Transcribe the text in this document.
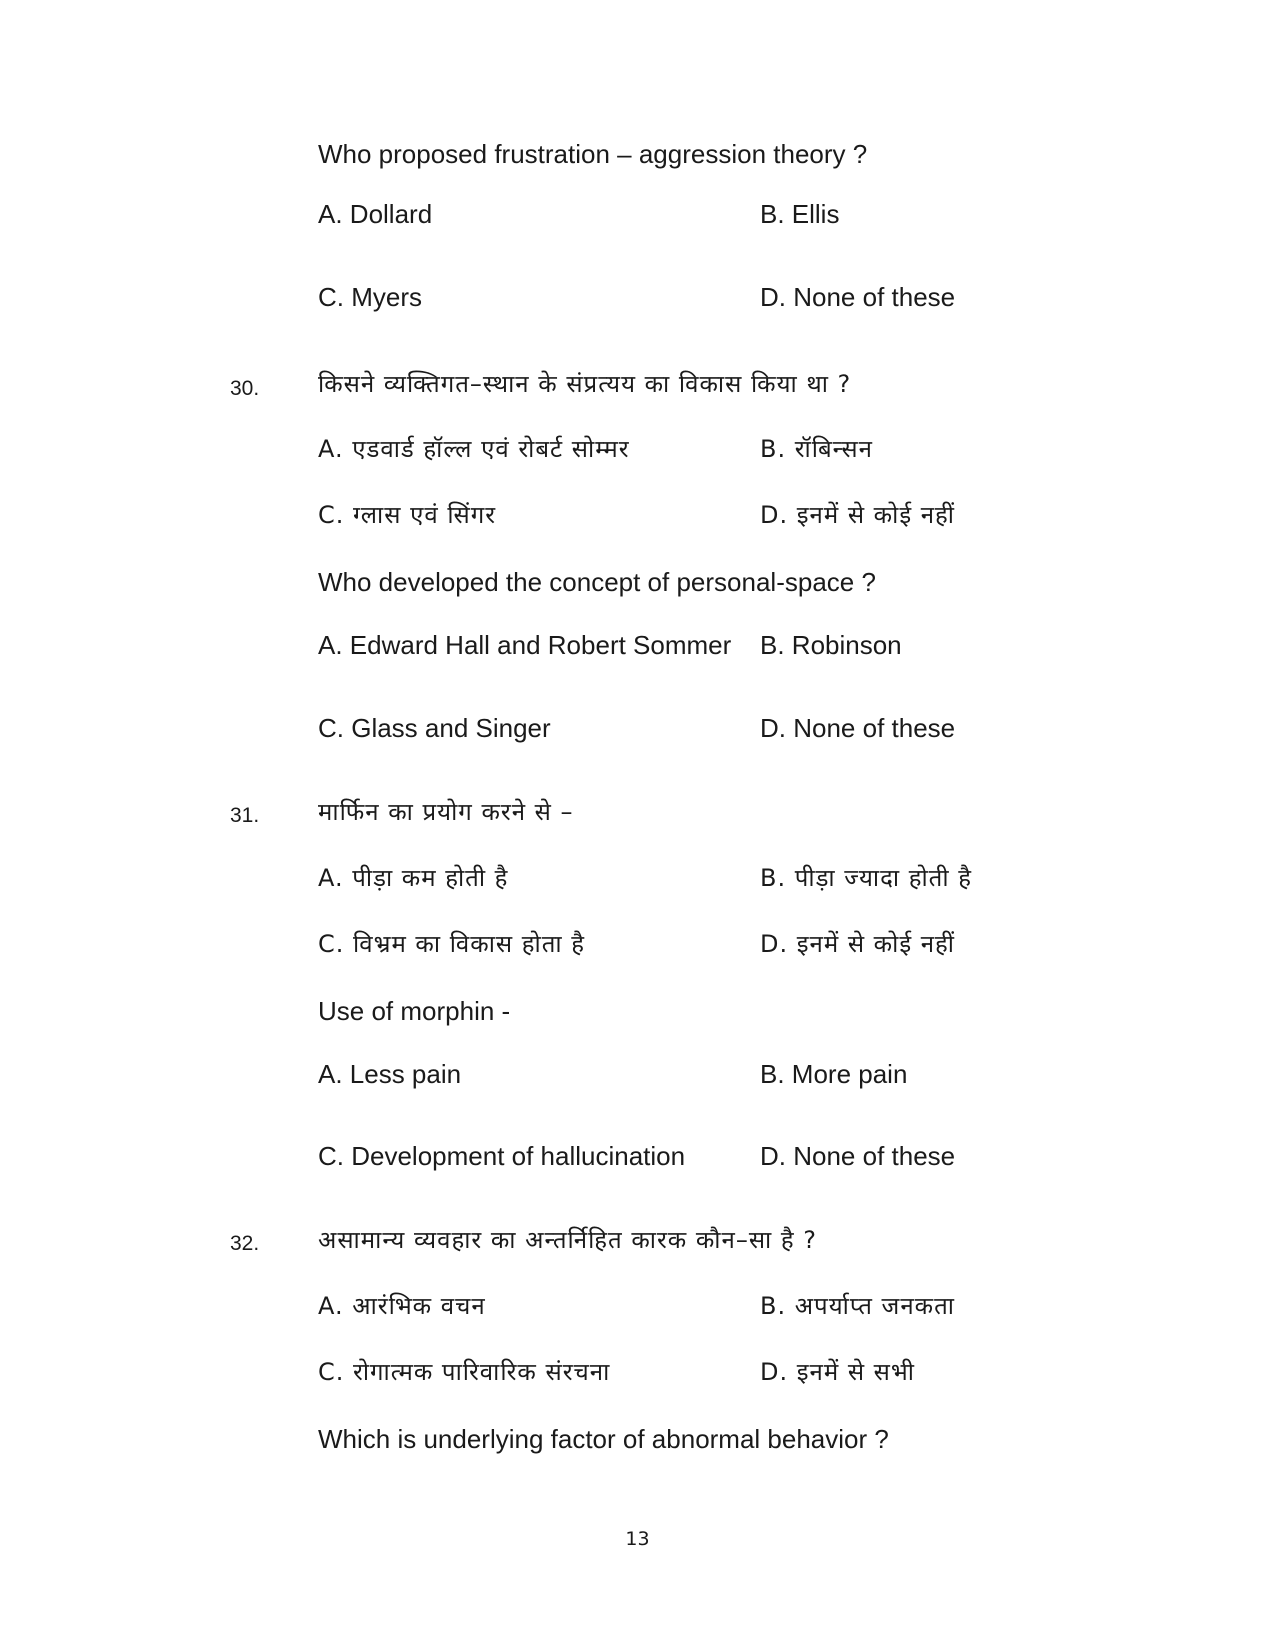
Who proposed frustration – aggression theory ?
A. Dollard	B. Ellis
C. Myers	D. None of these
30. किसने व्यक्तिगत–स्थान के संप्रत्यय का विकास किया था ?
A. एडवार्ड हॉल्ल एवं रोबर्ट सोम्मर	B. रॉबिन्सन
C. ग्लास एवं सिंगर	D. इनमें से कोई नहीं
Who developed the concept of personal-space ?
A. Edward Hall and Robert Sommer B. Robinson
C. Glass and Singer	D. None of these
31. मार्फिन का प्रयोग करने से –
A. पीड़ा कम होती है	B. पीड़ा ज्यादा होती है
C. विभ्रम का विकास होता है	D. इनमें से कोई नहीं
Use of morphin -
A. Less pain	B. More pain
C. Development of hallucination	D. None of these
32. असामान्य व्यवहार का अन्तर्निहित कारक कौन–सा है ?
A. आरंभिक वचन	B. अपर्याप्त जनकता
C. रोगात्मक पारिवारिक संरचना	D. इनमें से सभी
Which is underlying factor of abnormal behavior ?
13
